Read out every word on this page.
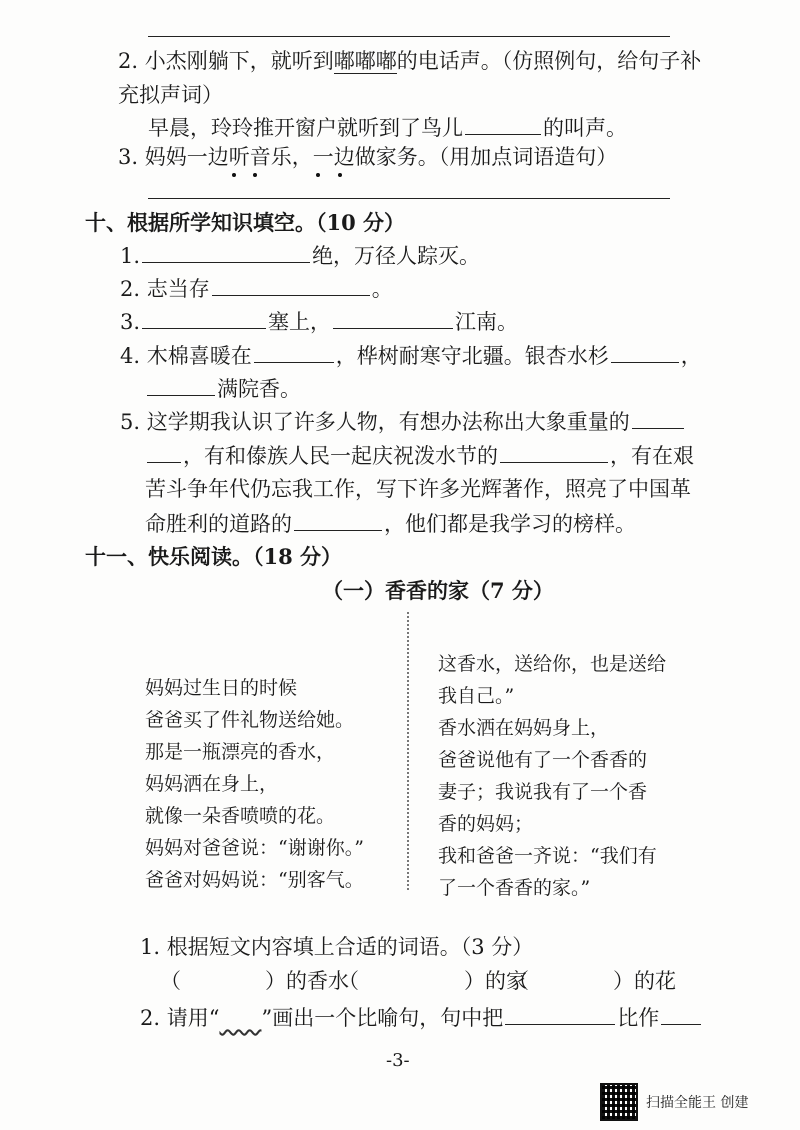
2. 小杰刚躺下，就听到嘟嘟嘟的电话声。（仿照例句，给句子补
充拟声词）
早晨，玲玲推开窗户就听到了鸟儿	的叫声。
3. 妈妈一边听音乐，一边做家务。（用加点词语造句）
十、根据所学知识填空。（10 分）
1.	绝，万径人踪灭。
2. 志当存	。
3.	塞上，	江南。
4. 木棉喜暖在	，桦树耐寒守北疆。银杏水杉	，
满院香。
5. 这学期我认识了许多人物，有想办法称出大象重量的
，有和傣族人民一起庆祝泼水节的	，有在艰
苦斗争年代仍忘我工作，写下许多光辉著作，照亮了中国革
命胜利的道路的	，他们都是我学习的榜样。
十一、快乐阅读。（18 分）
（一）香香的家（7 分）
妈妈过生日的时候
爸爸买了件礼物送给她。
那是一瓶漂亮的香水，
妈妈洒在身上，
就像一朵香喷喷的花。
妈妈对爸爸说：“谢谢你。”
爸爸对妈妈说：“别客气。
这香水，送给你，也是送给
我自己。”
香水洒在妈妈身上，
爸爸说他有了一个香香的
妻子；我说我有了一个香
香的妈妈；
我和爸爸一齐说：“我们有
了一个香香的家。”
1. 根据短文内容填上合适的词语。（3 分）
（　　　　）的香水
（　　　　　）的家
（　　　　）的花
2. 请用“　　 ”画出一个比喻句，句中把	比作
-3-
扫描全能王 创建
